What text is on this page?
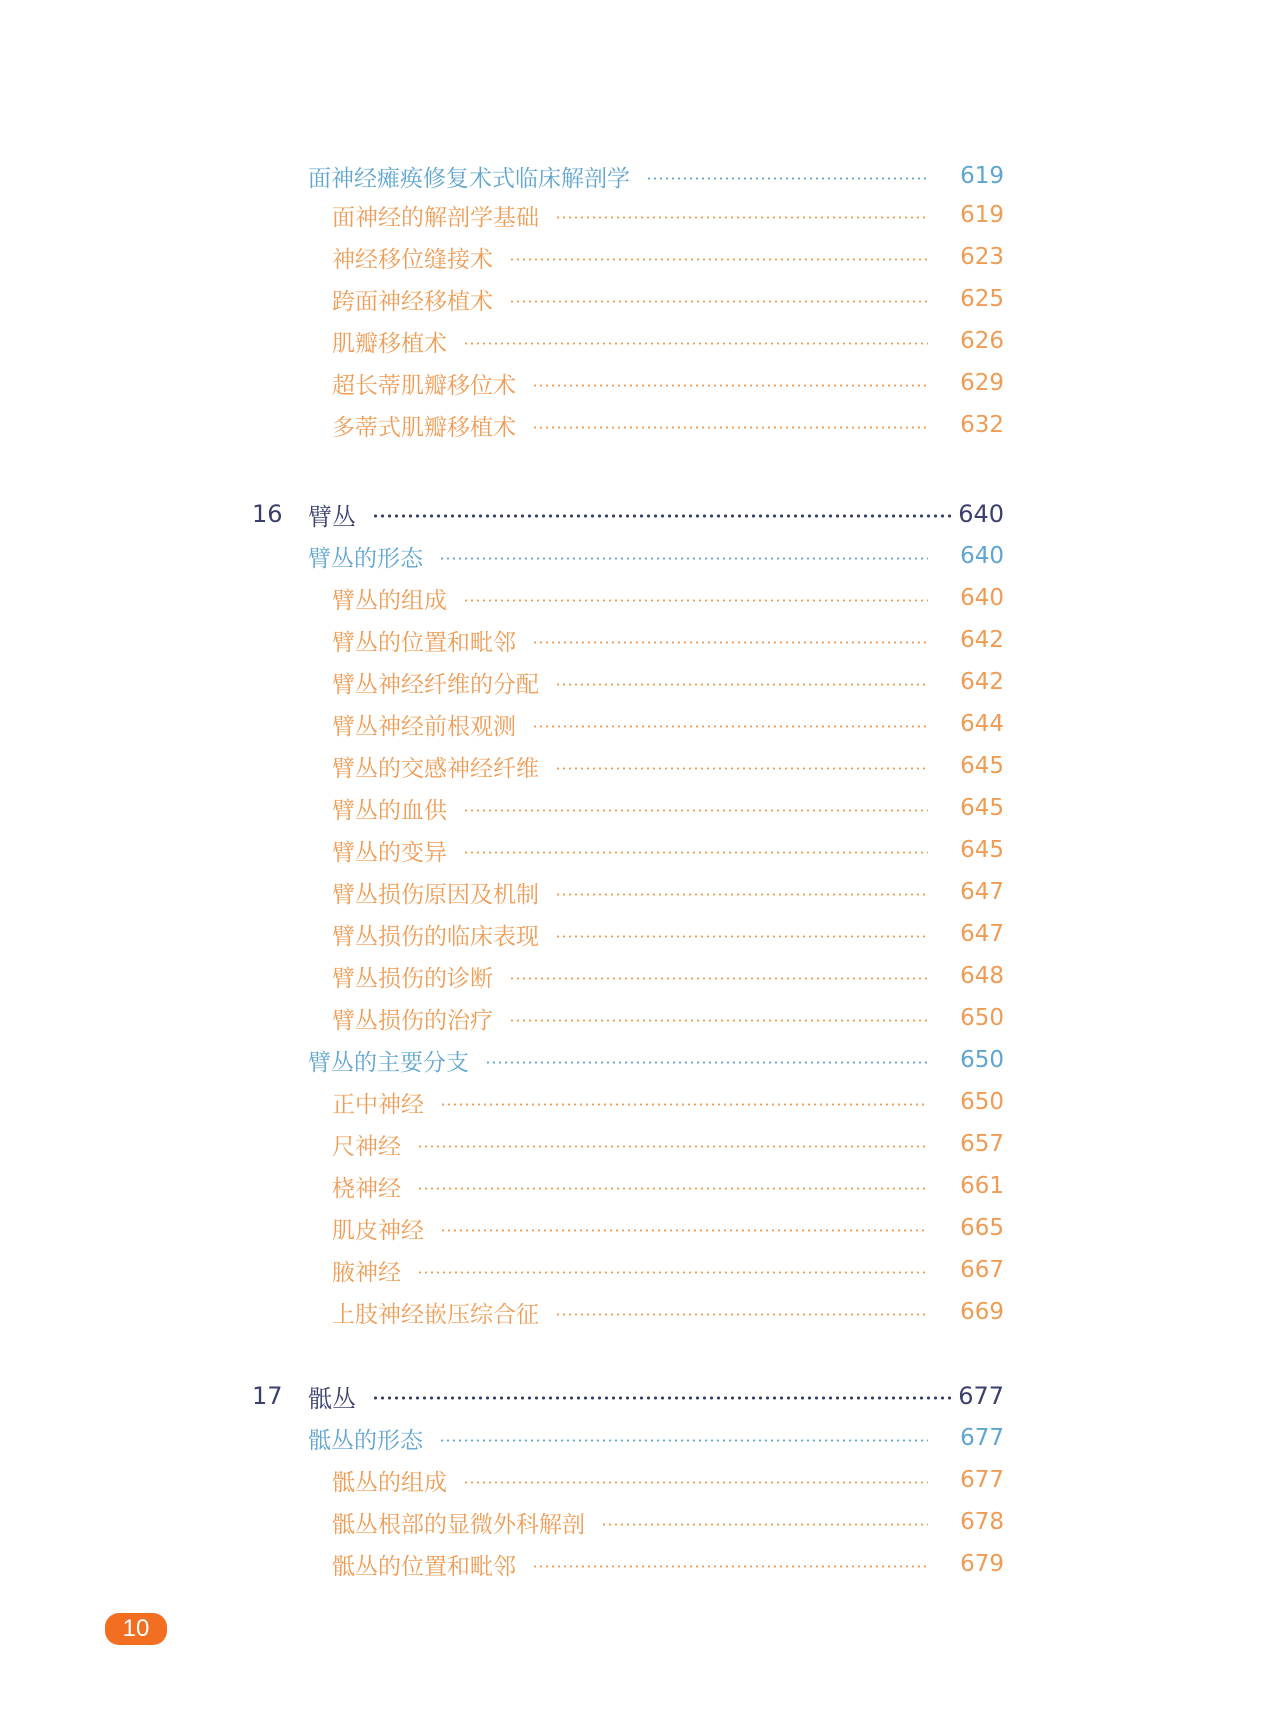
面神经瘫痪修复术式临床解剖学	619
面神经的解剖学基础	619
神经移位缝接术	623
跨面神经移植术	625
肌瓣移植术	626
超长蒂肌瓣移位术	629
多蒂式肌瓣移植术	632
16	臂丛	640
臂丛的形态	640
臂丛的组成	640
臂丛的位置和毗邻	642
臂丛神经纤维的分配	642
臂丛神经前根观测	644
臂丛的交感神经纤维	645
臂丛的血供	645
臂丛的变异	645
臂丛损伤原因及机制	647
臂丛损伤的临床表现	647
臂丛损伤的诊断	648
臂丛损伤的治疗	650
臂丛的主要分支	650
正中神经	650
尺神经	657
桡神经	661
肌皮神经	665
腋神经	667
上肢神经嵌压综合征	669
17	骶丛	677
骶丛的形态	677
骶丛的组成	677
骶丛根部的显微外科解剖	678
骶丛的位置和毗邻	679
10
